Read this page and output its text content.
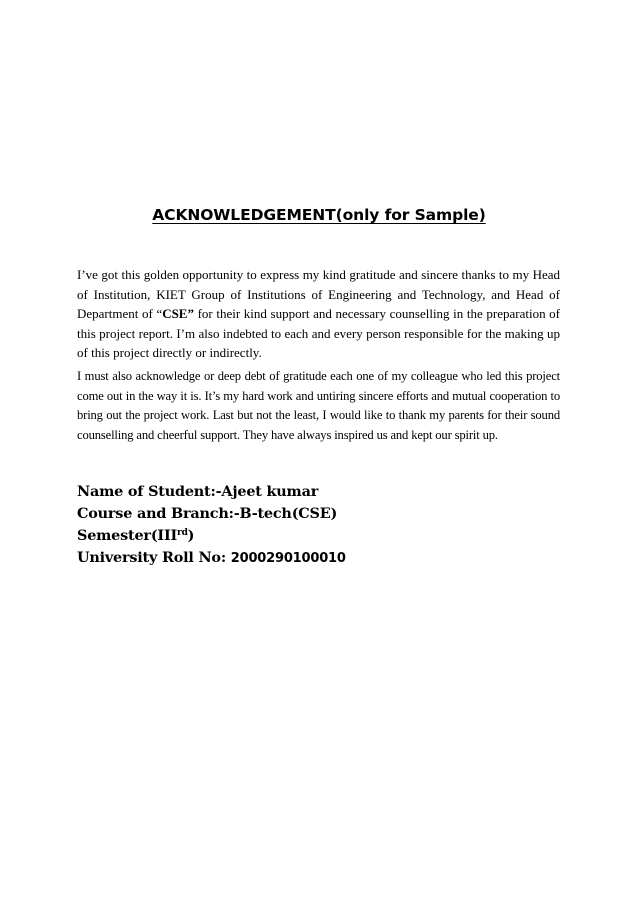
ACKNOWLEDGEMENT(only for Sample)

I’ve got this golden opportunity to express my kind gratitude and sincere thanks to my Head of Institution, KIET Group of Institutions of Engineering and Technology, and Head of Department of “CSE” for their kind support and necessary counselling in the preparation of this project report. I’m also indebted to each and every person responsible for the making up of this project directly or indirectly.

I must also acknowledge or deep debt of gratitude each one of my colleague who led this project come out in the way it is. It’s my hard work and untiring sincere efforts and mutual cooperation to bring out the project work. Last but not the least, I would like to thank my parents for their sound counselling and cheerful support. They have always inspired us and kept our spirit up.

Name of Student:-Ajeet kumar
Course and Branch:-B-tech(CSE)
Semester(IIIrd)
University Roll No: 2000290100010
